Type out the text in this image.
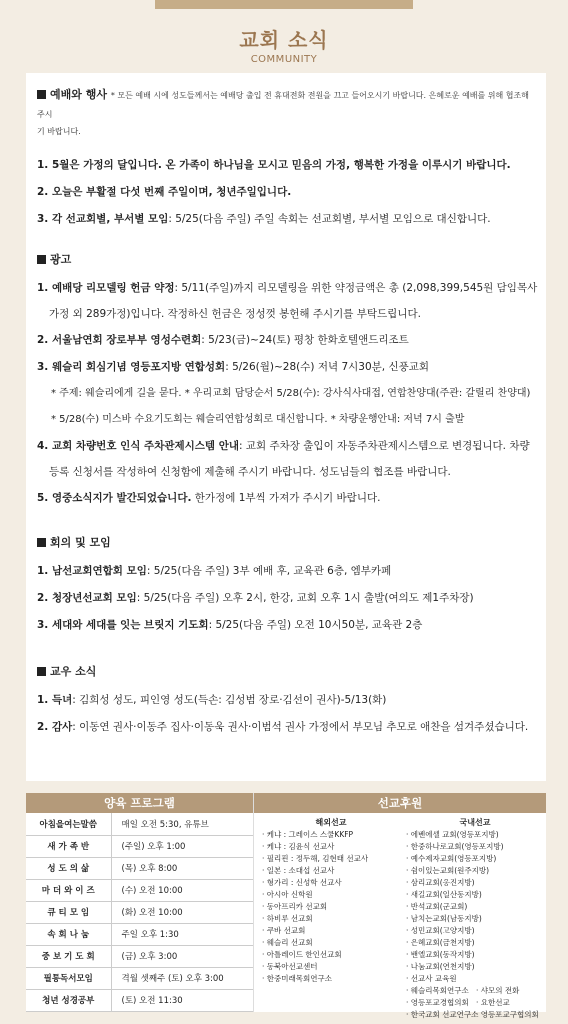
교회 소식
COMMUNITY
예배와 행사 * 모든 예배 시에 성도들께서는 예배당 출입 전 휴대전화 전원을 끄고 들어오시기 바랍니다. 은혜로운 예배를 위해 협조해 주시
기 바랍니다.
1. 5월은 가정의 달입니다. 온 가족이 하나님을 모시고 믿음의 가정, 행복한 가정을 이루시기 바랍니다.
2. 오늘은 부활절 다섯 번째 주일이며, 청년주일입니다.
3. 각 선교회별, 부서별 모임: 5/25(다음 주일) 주일 속회는 선교회별, 부서별 모임으로 대신합니다.
광고
1. 예배당 리모델링 헌금 약정: 5/11(주일)까지 리모델링을 위한 약정금액은 총 (2,098,399,545원 담임목사 가정 외 289가정)입니다. 작정하신 헌금은 정성껏 봉헌해 주시기를 부탁드립니다.
2. 서울남연회 장로부부 영성수련회: 5/23(금)~24(토) 평창 한화호텔앤드리조트
3. 웨슬리 회심기념 영등포지방 연합성회: 5/26(월)~28(수) 저녁 7시30분, 신풍교회
* 주제: 웨슬리에게 길을 묻다. * 우리교회 담당순서 5/28(수): 강사식사대접, 연합찬양대(주관: 갈릴리 찬양대)
* 5/28(수) 미스바 수요기도회는 웨슬리연합성회로 대신합니다. * 차량운행안내: 저녁 7시 출발
4. 교회 차량번호 인식 주차관제시스템 안내: 교회 주차장 출입이 자동주차관제시스템으로 변경됩니다. 차량 등록 신청서를 작성하여 신청함에 제출해 주시기 바랍니다. 성도님들의 협조를 바랍니다.
5. 영중소식지가 발간되었습니다. 한가정에 1부씩 가져가 주시기 바랍니다.
회의 및 모임
1. 남선교회연합회 모임: 5/25(다음 주일) 3부 예배 후, 교육관 6층, 엠부카페
2. 청장년선교회 모임: 5/25(다음 주일) 오후 2시, 한강, 교회 오후 1시 출발(여의도 제1주차장)
3. 세대와 세대를 잇는 브릿지 기도회: 5/25(다음 주일) 오전 10시50분, 교육관 2층
교우 소식
1. 득녀: 김희성 성도, 피인영 성도(득손: 김성범 장로·김선이 권사)-5/13(화)
2. 감사: 이동연 권사·이동주 집사·이동욱 권사·이범석 권사 가정에서 부모님 추모로 애찬을 섬겨주셨습니다.
양육 프로그램
아침을여는말씀	매일 오전 5:30, 유튜브
새 가 족 반	(주일) 오후 1:00
성 도 의 삶	(목) 오후 8:00
마 더 와 이 즈	(수) 오전 10:00
큐 티 모 임	(화) 오전 10:00
속 회 나 눔	주일 오후 1:30
중 보 기 도 회	(금) 오후 3:00
필통독서모임	격월 셋째주 (토) 오후 3:00
청년 성경공부	(토) 오전 11:30
선교후원
해외선교
· 케냐 : 그레이스 스쿨KKFP
· 케냐 : 김윤식 선교사
· 필리핀 : 정두해, 김현태 선교사
· 일본 : 소대섭 선교사
· 형가리 : 신성학 선교사
· 아시아 신학원
· 동아프리카 선교회
· 하비루 선교회
· 쿠바 선교회
· 웨슬리 선교회
· 아틀레이드 한인선교회
· 동북아선교센터
· 한중미래목회연구소
국내선교
· 에벤에셀 교회(영등포지방)
· 한중하나로교회(영등포지방)
· 예수제자교회(영등포지방)
· 쉼이있는교회(원주지방)
· 삼리교회(옹진지방)
· 새길교회(일산동지방)
· 반석교회(군교회)
· 남치는교회(남동지방)
· 성민교회(고양지방)
· 은혜교회(금천지방)
· 밴엘교회(동작지방)
· 나눔교회(연천지방)
· 선교사 교육원
· 웨슬리목회연구소 · 샤모의 전화
· 영등포교경협의회 · 요한선교
· 한국교회 선교연구소
· 영등포교구협의회
